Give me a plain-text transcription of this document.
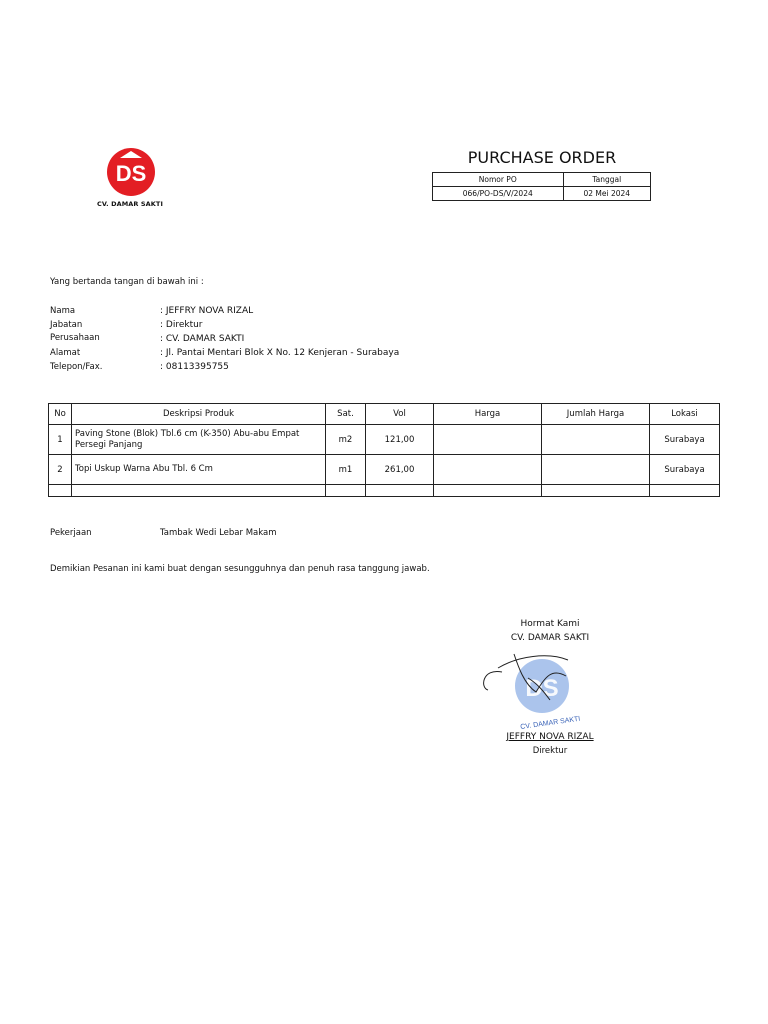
DS
CV. DAMAR SAKTI
PURCHASE ORDER
Nomor PO	Tanggal
066/PO-DS/V/2024	02 Mei 2024
Yang bertanda tangan di bawah ini :
Nama	: JEFFRY NOVA RIZAL
Jabatan	: Direktur
Perusahaan	: CV. DAMAR SAKTI
Alamat	: Jl. Pantai Mentari Blok X No. 12 Kenjeran - Surabaya
Telepon/Fax.	: 08113395755
No	Deskripsi Produk	Sat.	Vol	Harga	Jumlah Harga	Lokasi
1	Paving Stone (Blok) Tbl.6 cm (K-350) Abu-abu Empat Persegi Panjang	m2	121,00			Surabaya
2	Topi Uskup Warna Abu Tbl. 6 Cm	m1	261,00			Surabaya

Pekerjaan	Tambak Wedi Lebar Makam
Demikian Pesanan ini kami buat dengan sesungguhnya dan penuh rasa tanggung jawab.
Hormat Kami
CV. DAMAR SAKTI
DS
CV. DAMAR SAKTI
JEFFRY NOVA RIZAL
Direktur
